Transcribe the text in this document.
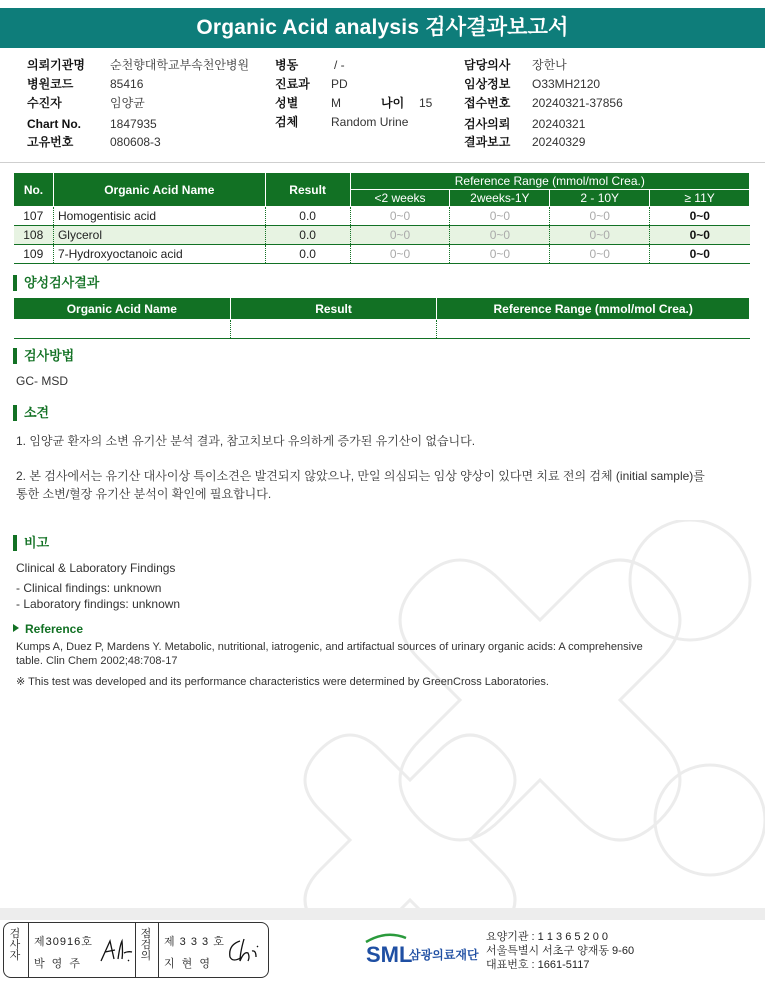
Organic Acid analysis 검사결과보고서
의뢰기관명 순천향대학교부속천안병원
병원코드	85416
수진자	임양균
Chart No. 1847935
고유번호	080608-3
병동	/ -
진료과 PD
성별	M	나이 15
검체	Random Urine
담당의사 장한나
임상정보 O33MH2120
접수번호 20240321-37856
검사의뢰 20240321
결과보고 20240329
No.	Organic Acid Name	Result	Reference Range (mmol/mol Crea.)			
			<2 weeks	2weeks-1Y	2 - 10Y	≥ 11Y
107	Homogentisic acid	0.0	0~0	0~0	0~0	0~0
108	Glycerol	0.0	0~0	0~0	0~0	0~0
109	7-Hydroxyoctanoic acid	0.0	0~0	0~0	0~0	0~0
양성검사결과
Organic Acid Name	Result	Reference Range (mmol/mol Crea.)

검사방법
GC- MSD
소견
1. 임양균 환자의 소변 유기산 분석 결과, 참고치보다 유의하게 증가된 유기산이 없습니다.
2. 본 검사에서는 유기산 대사이상 특이소견은 발견되지 않았으나, 만일 의심되는 임상 양상이 있다면 치료 전의 검체 (initial sample)를
통한 소변/혈장 유기산 분석이 확인에 필요합니다.
비고
Clinical & Laboratory Findings
- Clinical findings: unknown
- Laboratory findings: unknown
Reference
Kumps A, Duez P, Mardens Y. Metabolic, nutritional, iatrogenic, and artifactual sources of urinary organic acids: A comprehensive
table. Clin Chem 2002;48:708-17
※ This test was developed and its performance characteristics were determined by GreenCross Laboratories.
검사자
제30916호
박 영 주
점검의
제 3 3 3 호
지 현 영	SML
삼광의료재단
요양기관 : 1 1 3 6 5 2 0 0
서울특별시 서초구 양재동 9-60
대표번호 : 1661-5117
